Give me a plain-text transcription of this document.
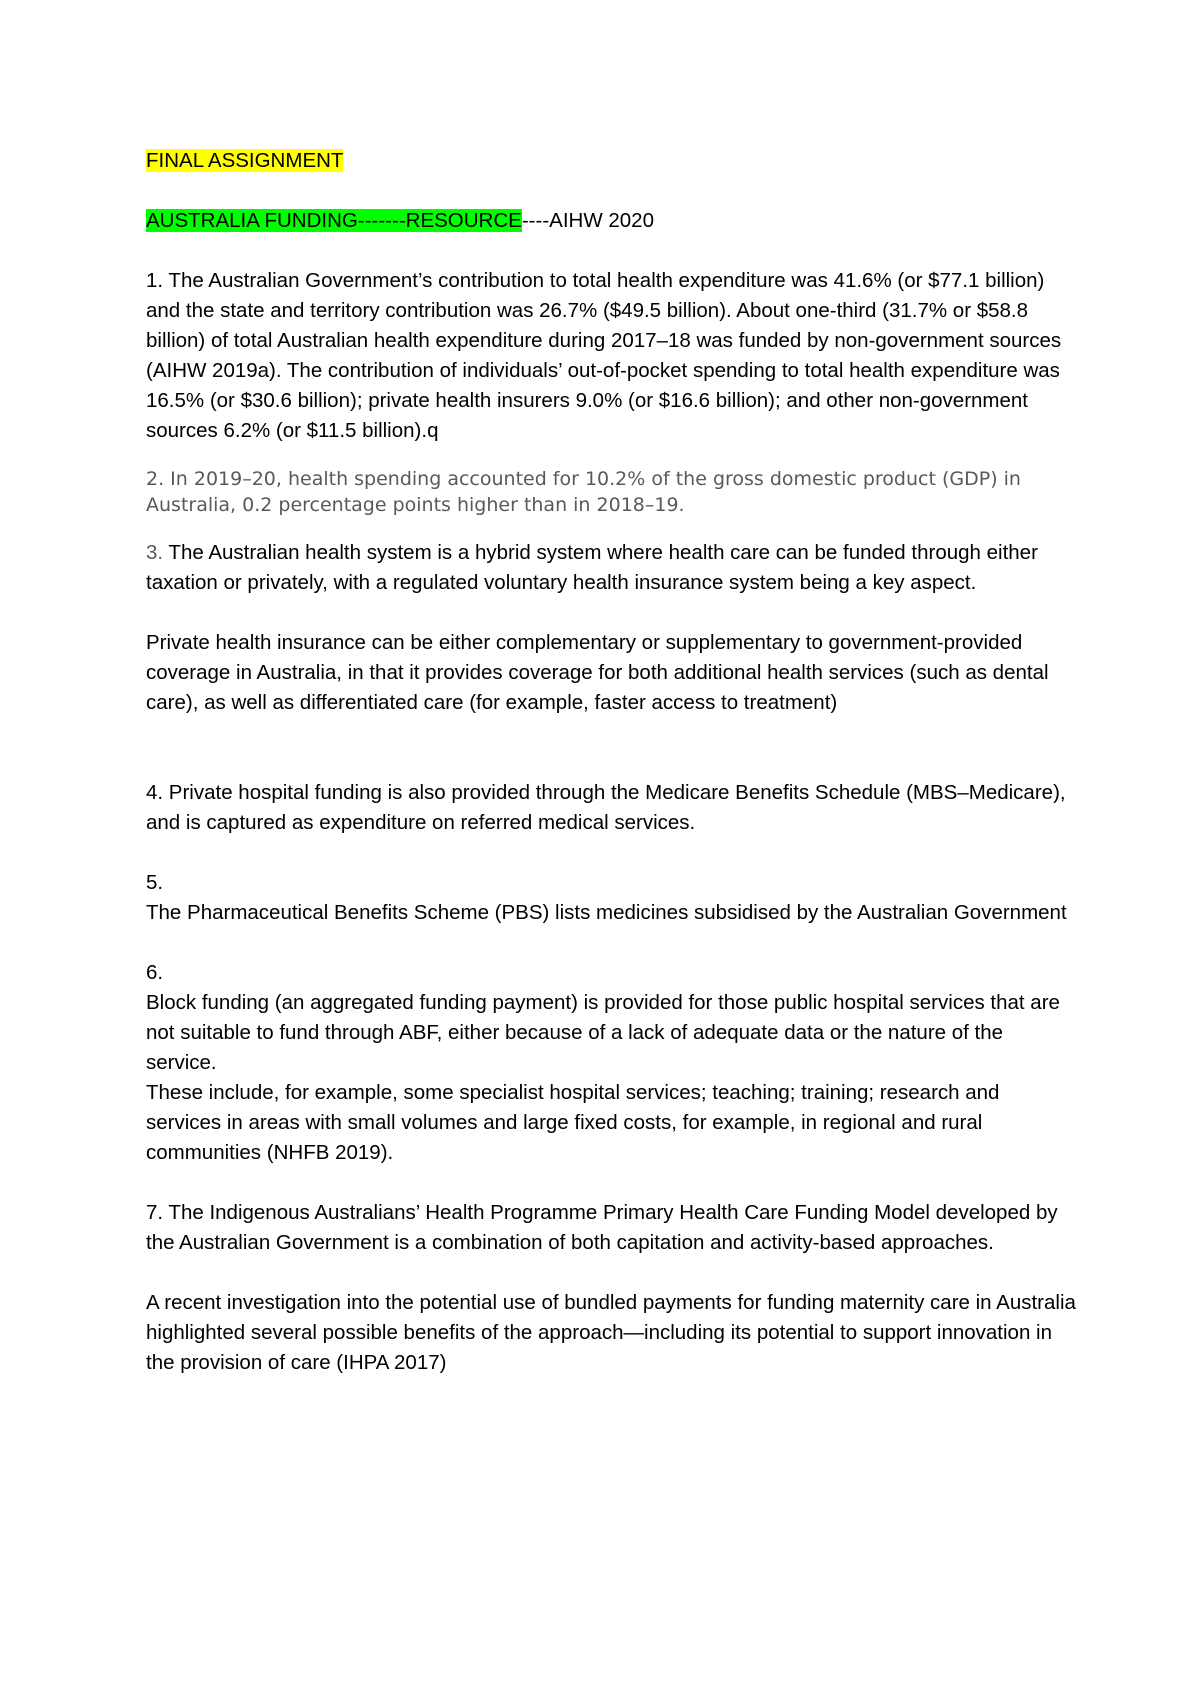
FINAL ASSIGNMENT

AUSTRALIA FUNDING-------RESOURCE----AIHW 2020

1. The Australian Government’s contribution to total health expenditure was 41.6% (or $77.1 billion) and the state and territory contribution was 26.7% ($49.5 billion). About one-third (31.7% or $58.8 billion) of total Australian health expenditure during 2017–18 was funded by non-government sources (AIHW 2019a). The contribution of individuals’ out-of-pocket spending to total health expenditure was 16.5% (or $30.6 billion); private health insurers 9.0% (or $16.6 billion); and other non-government sources 6.2% (or $11.5 billion).q

2. In 2019–20, health spending accounted for 10.2% of the gross domestic product (GDP) in Australia, 0.2 percentage points higher than in 2018–19.

3. The Australian health system is a hybrid system where health care can be funded through either taxation or privately, with a regulated voluntary health insurance system being a key aspect.

Private health insurance can be either complementary or supplementary to government-provided coverage in Australia, in that it provides coverage for both additional health services (such as dental care), as well as differentiated care (for example, faster access to treatment)

4. Private hospital funding is also provided through the Medicare Benefits Schedule (MBS–Medicare), and is captured as expenditure on referred medical services.

5.

The Pharmaceutical Benefits Scheme (PBS) lists medicines subsidised by the Australian Government

6.

Block funding (an aggregated funding payment) is provided for those public hospital services that are not suitable to fund through ABF, either because of a lack of adequate data or the nature of the service.

These include, for example, some specialist hospital services; teaching; training; research and services in areas with small volumes and large fixed costs, for example, in regional and rural communities (NHFB 2019).

7. The Indigenous Australians’ Health Programme Primary Health Care Funding Model developed by the Australian Government is a combination of both capitation and activity-based approaches.

A recent investigation into the potential use of bundled payments for funding maternity care in Australia highlighted several possible benefits of the approach—including its potential to support innovation in the provision of care (IHPA 2017)
